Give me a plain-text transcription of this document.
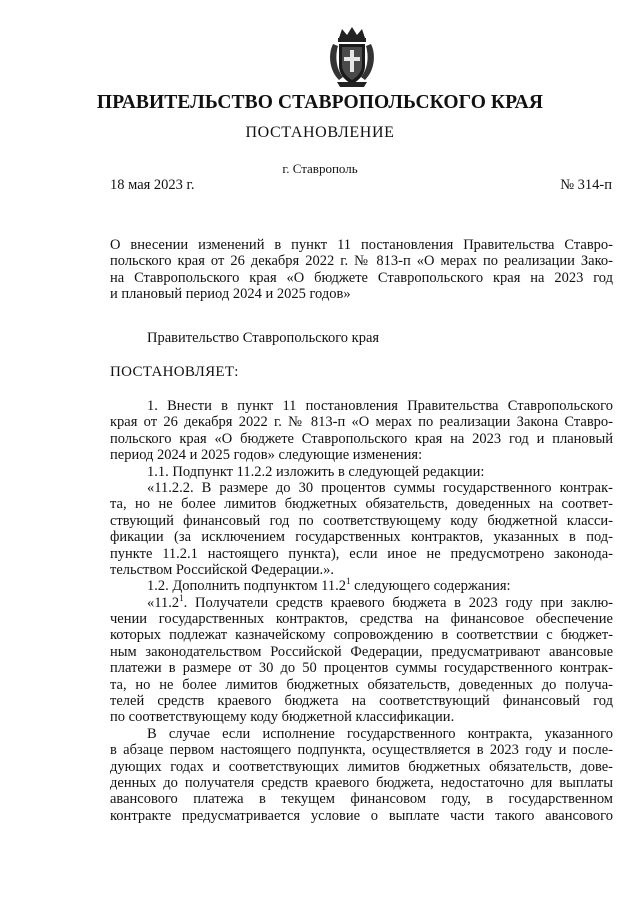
ПРАВИТЕЛЬСТВО СТАВРОПОЛЬСКОГО КРАЯ
ПОСТАНОВЛЕНИЕ
г. Ставрополь
18 мая 2023 г.	№ 314-п
О внесении изменений в пункт 11 постановления Правительства Ставро-
польского края от 26 декабря 2022 г. № 813-п «О мерах по реализации Зако-
на Ставропольского края «О бюджете Ставропольского края на 2023 год
и плановый период 2024 и 2025 годов»
Правительство Ставропольского края
ПОСТАНОВЛЯЕТ:
1. Внести в пункт 11 постановления Правительства Ставропольского
края от 26 декабря 2022 г. № 813-п «О мерах по реализации Закона Ставро-
польского края «О бюджете Ставропольского края на 2023 год и плановый
период 2024 и 2025 годов» следующие изменения:
1.1. Подпункт 11.2.2 изложить в следующей редакции:
«11.2.2. В размере до 30 процентов суммы государственного контрак-
та, но не более лимитов бюджетных обязательств, доведенных на соответ-
ствующий финансовый год по соответствующему коду бюджетной класси-
фикации (за исключением государственных контрактов, указанных в под-
пункте 11.2.1 настоящего пункта), если иное не предусмотрено законода-
тельством Российской Федерации.».
1.2. Дополнить подпунктом 11.2$^1$ следующего содержания:
«11.2$^1$. Получатели средств краевого бюджета в 2023 году при заклю-
чении государственных контрактов, средства на финансовое обеспечение
которых подлежат казначейскому сопровождению в соответствии с бюджет-
ным законодательством Российской Федерации, предусматривают авансовые
платежи в размере от 30 до 50 процентов суммы государственного контрак-
та, но не более лимитов бюджетных обязательств, доведенных до получа-
телей средств краевого бюджета на соответствующий финансовый год
по соответствующему коду бюджетной классификации.
В случае если исполнение государственного контракта, указанного
в абзаце первом настоящего подпункта, осуществляется в 2023 году и после-
дующих годах и соответствующих лимитов бюджетных обязательств, дове-
денных до получателя средств краевого бюджета, недостаточно для выплаты
авансового платежа в текущем финансовом году, в государственном
контракте предусматривается условие о выплате части такого авансового
